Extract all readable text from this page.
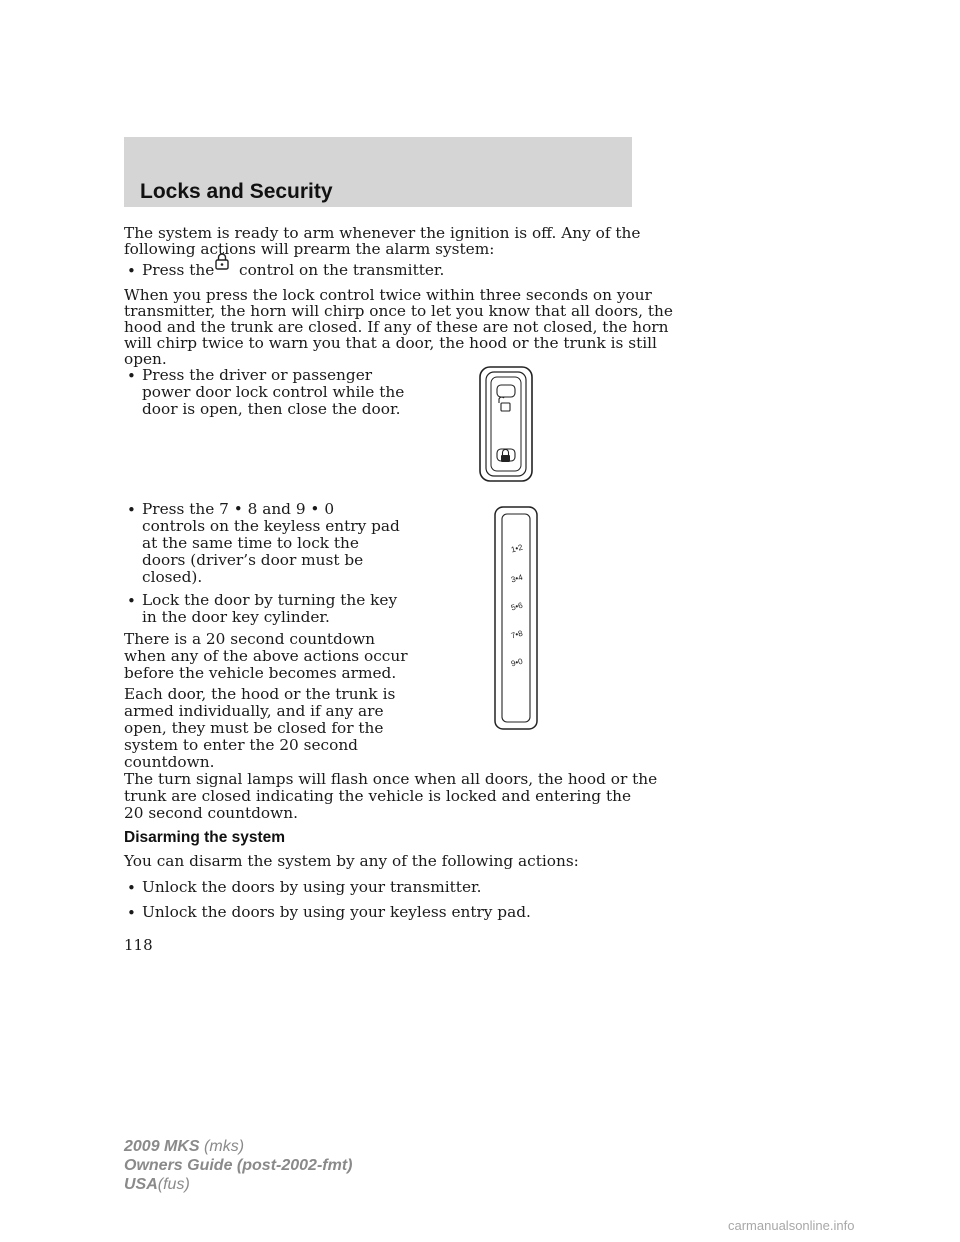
Locks and Security
The system is ready to arm whenever the ignition is off. Any of the
following actions will prearm the alarm system:
• Press the control on the transmitter.
When you press the lock control twice within three seconds on your
transmitter, the horn will chirp once to let you know that all doors, the
hood and the trunk are closed. If any of these are not closed, the horn
will chirp twice to warn you that a door, the hood or the trunk is still
open.
• Press the driver or passenger
power door lock control while the
door is open, then close the door.
• Press the 7 • 8 and 9 • 0
controls on the keyless entry pad
at the same time to lock the
doors (driver’s door must be
closed).
• Lock the door by turning the key
in the door key cylinder.
There is a 20 second countdown
when any of the above actions occur
before the vehicle becomes armed.
Each door, the hood or the trunk is
armed individually, and if any are
open, they must be closed for the
system to enter the 20 second
countdown.
1•2
3•4
5•6
7•8
9•0
The turn signal lamps will flash once when all doors, the hood or the
trunk are closed indicating the vehicle is locked and entering the
20 second countdown.
Disarming the system
You can disarm the system by any of the following actions:
• Unlock the doors by using your transmitter.
• Unlock the doors by using your keyless entry pad.
118
2009 MKS (mks)
Owners Guide (post-2002-fmt)
USA(fus)
carmanualsonline.info
